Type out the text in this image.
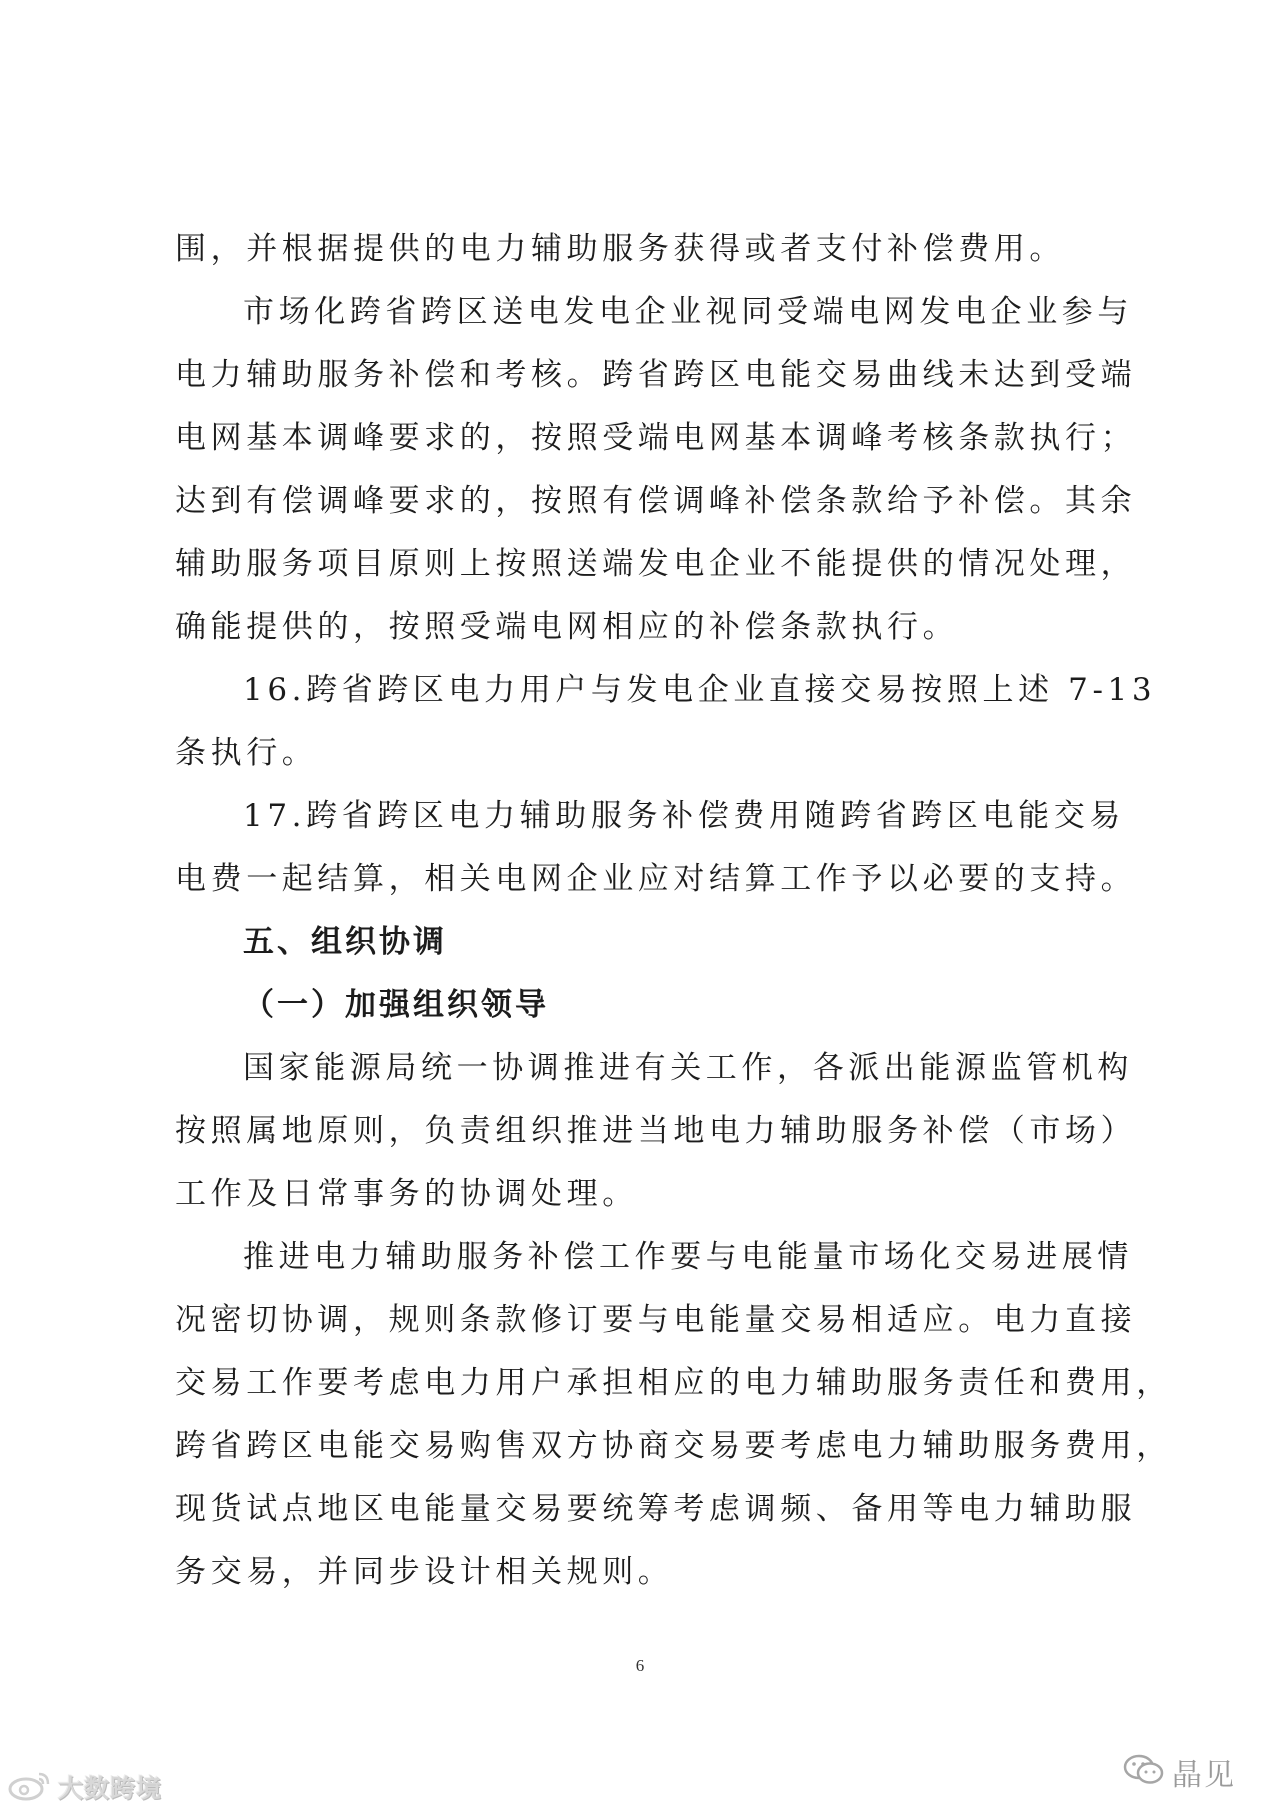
围，并根据提供的电力辅助服务获得或者支付补偿费用。
市场化跨省跨区送电发电企业视同受端电网发电企业参与
电力辅助服务补偿和考核。跨省跨区电能交易曲线未达到受端
电网基本调峰要求的，按照受端电网基本调峰考核条款执行；
达到有偿调峰要求的，按照有偿调峰补偿条款给予补偿。其余
辅助服务项目原则上按照送端发电企业不能提供的情况处理，
确能提供的，按照受端电网相应的补偿条款执行。
16.跨省跨区电力用户与发电企业直接交易按照上述 7-13
条执行。
17.跨省跨区电力辅助服务补偿费用随跨省跨区电能交易
电费一起结算，相关电网企业应对结算工作予以必要的支持。
五、组织协调
（一）加强组织领导
国家能源局统一协调推进有关工作，各派出能源监管机构
按照属地原则，负责组织推进当地电力辅助服务补偿（市场）
工作及日常事务的协调处理。
推进电力辅助服务补偿工作要与电能量市场化交易进展情
况密切协调，规则条款修订要与电能量交易相适应。电力直接
交易工作要考虑电力用户承担相应的电力辅助服务责任和费用，
跨省跨区电能交易购售双方协商交易要考虑电力辅助服务费用，
现货试点地区电能量交易要统筹考虑调频、备用等电力辅助服
务交易，并同步设计相关规则。
6
晶见
大数跨境
